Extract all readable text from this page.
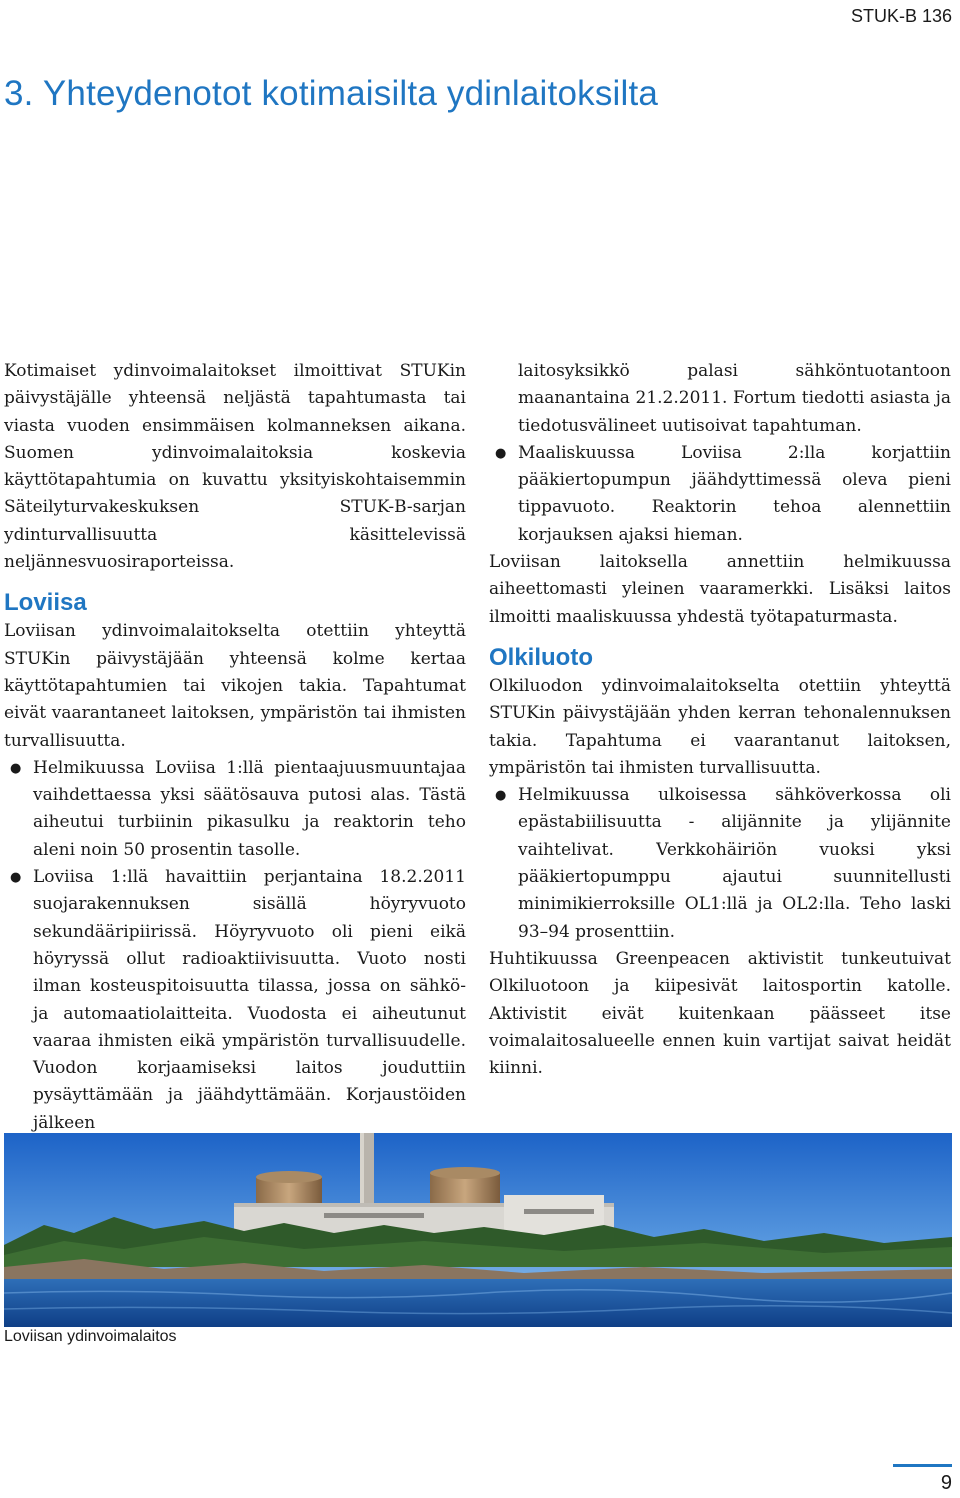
STUK-B 136
3. Yhteydenotot kotimaisilta ydinlaitoksilta

Kotimaiset ydinvoimalaitokset ilmoittivat STUKin päivystäjälle yhteensä neljästä tapahtumasta tai viasta vuoden ensimmäisen kolmanneksen aikana. Suomen ydinvoimalaitoksia koskevia käyttötapahtumia on kuvattu yksityiskohtaisemmin Säteilyturvakeskuksen STUK-B-sarjan ydinturvallisuutta käsittelevissä neljännesvuosiraporteissa.

Loviisa

Loviisan ydinvoimalaitokselta otettiin yhteyttä STUKin päivystäjään yhteensä kolme kertaa käyttötapahtumien tai vikojen takia. Tapahtumat eivät vaarantaneet laitoksen, ympäristön tai ihmisten turvallisuutta.

● Helmikuussa Loviisa 1:llä pientaajuusmuuntajaa vaihdettaessa yksi säätösauva putosi alas. Tästä aiheutui turbiinin pikasulku ja reaktorin teho aleni noin 50 prosentin tasolle.
● Loviisa 1:llä havaittiin perjantaina 18.2.2011 suojarakennuksen sisällä höyryvuoto sekundääripiirissä. Höyryvuoto oli pieni eikä höyryssä ollut radioaktiivisuutta. Vuoto nosti ilman kosteuspitoisuutta tilassa, jossa on sähkö- ja automaatiolaitteita. Vuodosta ei aiheutunut vaaraa ihmisten eikä ympäristön turvallisuudelle. Vuodon korjaamiseksi laitos jouduttiin pysäyttämään ja jäähdyttämään. Korjaustöiden jälkeen
laitosyksikkö palasi sähköntuotantoon maanantaina 21.2.2011. Fortum tiedotti asiasta ja tiedotusvälineet uutisoivat tapahtuman.
● Maaliskuussa Loviisa 2:lla korjattiin pääkiertopumpun jäähdyttimessä oleva pieni tippavuoto. Reaktorin tehoa alennettiin korjauksen ajaksi hieman.

Loviisan laitoksella annettiin helmikuussa aiheettomasti yleinen vaaramerkki. Lisäksi laitos ilmoitti maaliskuussa yhdestä työtapaturmasta.

Olkiluoto

Olkiluodon ydinvoimalaitokselta otettiin yhteyttä STUKin päivystäjään yhden kerran tehonalennuksen takia. Tapahtuma ei vaarantanut laitoksen, ympäristön tai ihmisten turvallisuutta.

● Helmikuussa ulkoisessa sähköverkossa oli epästabiilisuutta - alijännite ja ylijännite vaihtelivat. Verkkohäiriön vuoksi yksi pääkiertopumppu ajautui suunnitellusti minimikierroksille OL1:llä ja OL2:lla. Teho laski 93–94 prosenttiin.

Huhtikuussa Greenpeacen aktivistit tunkeutuivat Olkiluotoon ja kiipesivät laitosportin katolle. Aktivistit eivät kuitenkaan päässeet itse voimalaitosalueelle ennen kuin vartijat saivat heidät kiinni.

Loviisan ydinvoimalaitos
9
